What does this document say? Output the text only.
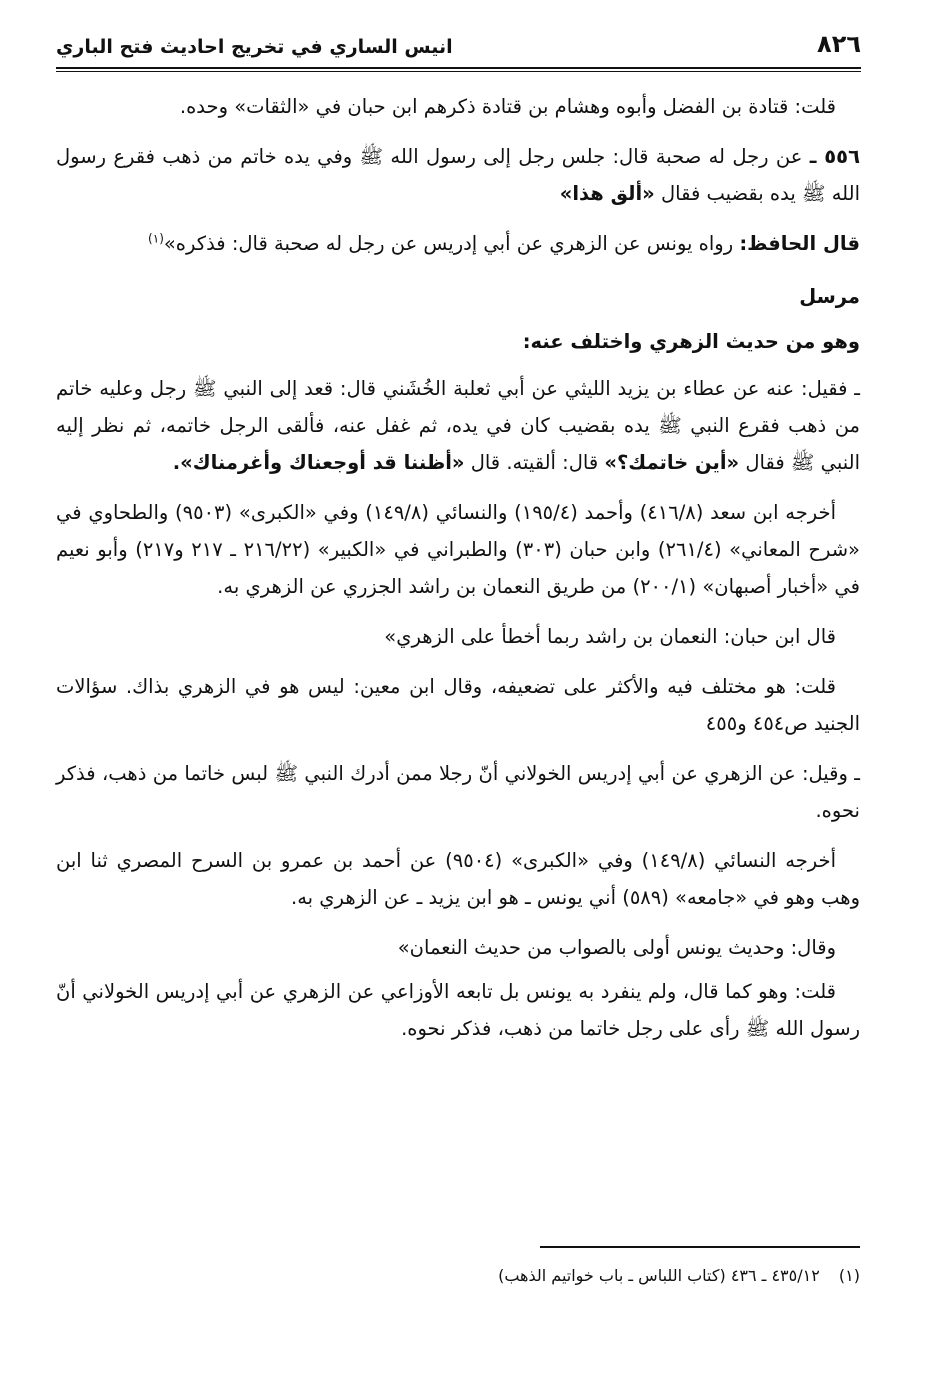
٨٢٦
انيس الساري في تخريج احاديث فتح الباري

قلت: قتادة بن الفضل وأبوه وهشام بن قتادة ذكرهم ابن حبان في «الثقات» وحده.

٥٥٦ ـ عن رجل له صحبة قال: جلس رجل إلى رسول الله ﷺ وفي يده خاتم من ذهب فقرع رسول الله ﷺ يده بقضيب فقال «ألق هذا»

قال الحافظ: رواه يونس عن الزهري عن أبي إدريس عن رجل له صحبة قال: فذكره»$^{(١)}$

مرسل

وهو من حديث الزهري واختلف عنه:

ـ فقيل: عنه عن عطاء بن يزيد الليثي عن أبي ثعلبة الخُشَني قال: قعد إلى النبي ﷺ رجل وعليه خاتم من ذهب فقرع النبي ﷺ يده بقضيب كان في يده، ثم غفل عنه، فألقى الرجل خاتمه، ثم نظر إليه النبي ﷺ فقال «أين خاتمك؟» قال: ألقيته. قال «أظننا قد أوجعناك وأغرمناك».

أخرجه ابن سعد (٤١٦/٨) وأحمد (١٩٥/٤) والنسائي (١٤٩/٨) وفي «الكبرى» (٩٥٠٣) والطحاوي في «شرح المعاني» (٢٦١/٤) وابن حبان (٣٠٣) والطبراني في «الكبير» (٢١٦/٢٢ ـ ٢١٧ و٢١٧) وأبو نعيم في «أخبار أصبهان» (٢٠٠/١) من طريق النعمان بن راشد الجزري عن الزهري به.

قال ابن حبان: النعمان بن راشد ربما أخطأ على الزهري»

قلت: هو مختلف فيه والأكثر على تضعيفه، وقال ابن معين: ليس هو في الزهري بذاك. سؤالات الجنيد ص٤٥٤ و٤٥٥

ـ وقيل: عن الزهري عن أبي إدريس الخولاني أنّ رجلا ممن أدرك النبي ﷺ لبس خاتما من ذهب، فذكر نحوه.

أخرجه النسائي (١٤٩/٨) وفي «الكبرى» (٩٥٠٤) عن أحمد بن عمرو بن السرح المصري ثنا ابن وهب وهو في «جامعه» (٥٨٩) أني يونس ـ هو ابن يزيد ـ عن الزهري به.

وقال: وحديث يونس أولى بالصواب من حديث النعمان»

قلت: وهو كما قال، ولم ينفرد به يونس بل تابعه الأوزاعي عن الزهري عن أبي إدريس الخولاني أنّ رسول الله ﷺ رأى على رجل خاتما من ذهب، فذكر نحوه.

(١) ٤٣٥/١٢ ـ ٤٣٦ (كتاب اللباس ـ باب خواتيم الذهب)
